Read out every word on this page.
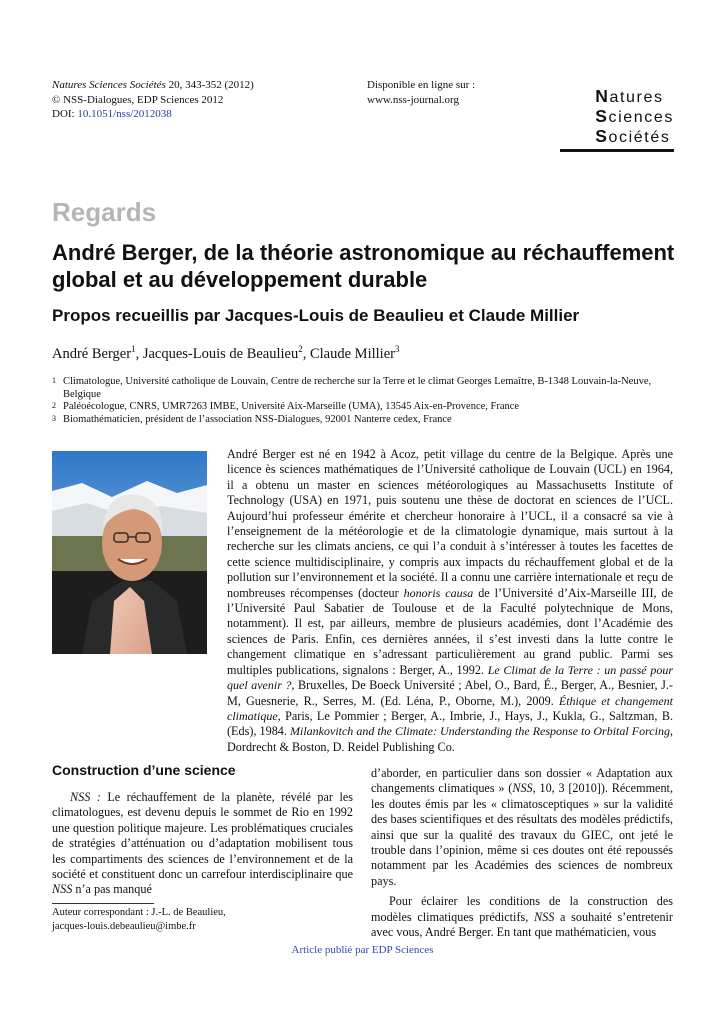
Natures Sciences Sociétés 20, 343-352 (2012)
© NSS-Dialogues, EDP Sciences 2012
DOI: 10.1051/nss/2012038
Disponible en ligne sur :
www.nss-journal.org	Natures
Sciences
Sociétés
Regards
André Berger, de la théorie astronomique au réchauffement global et au développement durable
Propos recueillis par Jacques-Louis de Beaulieu et Claude Millier
André Berger$^1$, Jacques-Louis de Beaulieu$^2$, Claude Millier$^3$
1 Climatologue, Université catholique de Louvain, Centre de recherche sur la Terre et le climat Georges Lemaître, B-1348 Louvain-la-Neuve, Belgique
2 Paléoécologue, CNRS, UMR7263 IMBE, Université Aix-Marseille (UMA), 13545 Aix-en-Provence, France
3 Biomathématicien, président de l’association NSS-Dialogues, 92001 Nanterre cedex, France
André Berger est né en 1942 à Acoz, petit village du centre de la Belgique. Après une licence ès sciences mathématiques de l’Université catholique de Louvain (UCL) en 1964, il a obtenu un master en sciences météorologiques au Massachusetts Institute of Technology (USA) en 1971, puis soutenu une thèse de doctorat en sciences de l’UCL. Aujourd’hui professeur émérite et chercheur honoraire à l’UCL, il a consacré sa vie à l’enseignement de la météorologie et de la climatologie dynamique, mais surtout à la recherche sur les climats anciens, ce qui l’a conduit à s’intéresser à toutes les facettes de cette science multidisciplinaire, y compris aux impacts du réchauffement global et de la pollution sur l’environnement et la société. Il a connu une carrière internationale et reçu de nombreuses récompenses (docteur honoris causa de l’Université d’Aix-Marseille III, de l’Université Paul Sabatier de Toulouse et de la Faculté polytechnique de Mons, notamment). Il est, par ailleurs, membre de plusieurs académies, dont l’Académie des sciences de Paris. Enfin, ces dernières années, il s’est investi dans la lutte contre le changement climatique en s’adressant particulièrement au grand public. Parmi ses multiples publications, signalons : Berger, A., 1992. Le Climat de la Terre : un passé pour quel avenir ?, Bruxelles, De Boeck Université ; Abel, O., Bard, É., Berger, A., Besnier, J.-M, Guesnerie, R., Serres, M. (Ed. Léna, P., Oborne, M.), 2009. Éthique et changement climatique, Paris, Le Pommier ; Berger, A., Imbrie, J., Hays, J., Kukla, G., Saltzman, B. (Eds), 1984. Milankovitch and the Climate: Understanding the Response to Orbital Forcing, Dordrecht & Boston, D. Reidel Publishing Co.
Construction d’une science

NSS : Le réchauffement de la planète, révélé par les climatologues, est devenu depuis le sommet de Rio en 1992 une question politique majeure. Les problématiques cruciales de stratégies d’atténuation ou d’adaptation mobilisent tous les compartiments des sciences de l’environnement et de la société et constituent donc un carrefour interdisciplinaire que NSS n’a pas manqué

d’aborder, en particulier dans son dossier « Adaptation aux changements climatiques » (NSS, 10, 3 [2010]). Récemment, les doutes émis par les « climatosceptiques » sur la validité des bases scientifiques et des résultats des modèles prédictifs, ainsi que sur la qualité des travaux du GIEC, ont jeté le trouble dans l’opinion, même si ces doutes ont été repoussés notamment par les Académies des sciences de nombreux pays.

Pour éclairer les conditions de la construction des modèles climatiques prédictifs, NSS a souhaité s’entretenir avec vous, André Berger. En tant que mathématicien, vous

Auteur correspondant : J.-L. de Beaulieu,
jacques-louis.debeaulieu@imbe.fr
Article publié par EDP Sciences
